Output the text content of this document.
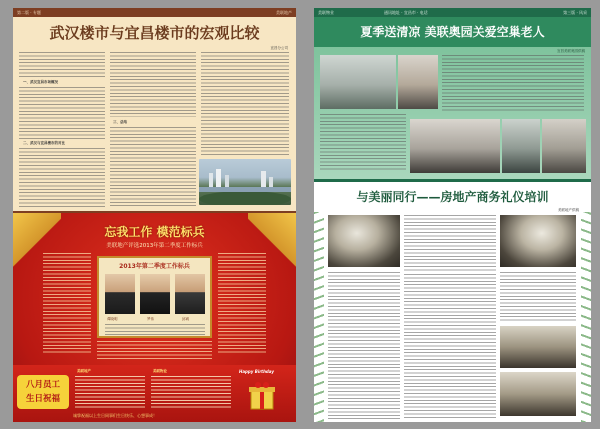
第二版 · 专题	美联地产
武汉楼市与宜昌楼市的宏观比较
宜昌分公司
一、武汉宜昌市场概况
二、武汉与宜昌楼市的对比
三、总结
忘我工作 模范标兵
美联地产评选2013年第二季度工作标兵
2013年第二季度工作标兵
谭晓明	罗伟	邱诚
八月员工
生日祝福
美联地产	美联物业	Happy Birthday
诚挚祝福以上生日同事们生日快乐、心想事成！
美联物业	通讯地址 · 宜昌市 · 电话	第三版 · 风采
夏季送清凉 美联奥园关爱空巢老人
宜昌美联奥园供稿
与美丽同行——房地产商务礼仪培训
美联地产供稿
